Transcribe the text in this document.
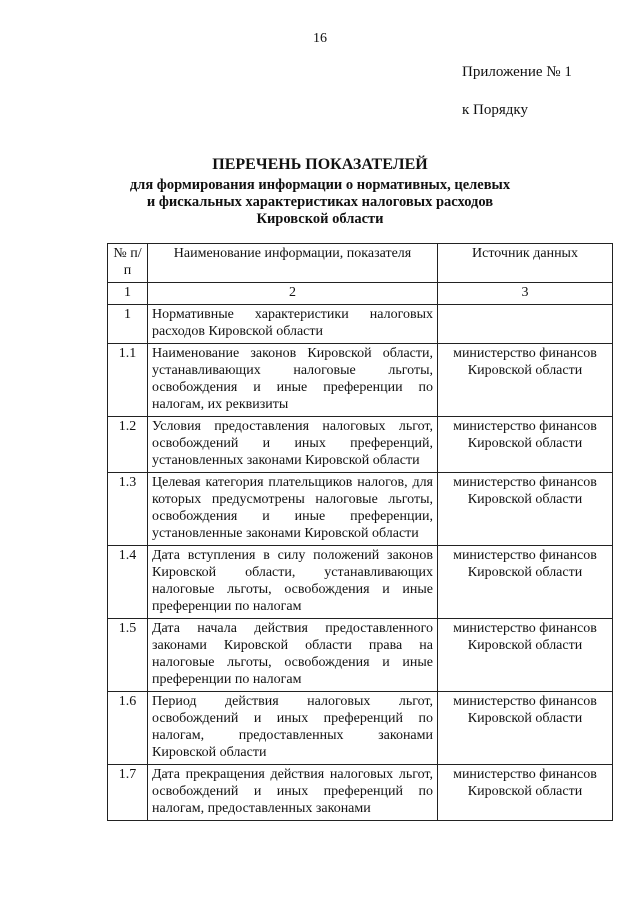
16
Приложение № 1
к Порядку
ПЕРЕЧЕНЬ ПОКАЗАТЕЛЕЙ
для формирования информации о нормативных, целевых
и фискальных характеристиках налоговых расходов
Кировской области
№ п/п	Наименование информации, показателя	Источник данных
1	2	3
1	Нормативные характеристики налоговых расходов Кировской области	
1.1	Наименование законов Кировской области, устанавливающих налоговые льготы, освобождения и иные преференции по налогам, их реквизиты	министерство финансов Кировской области
1.2	Условия предоставления налоговых льгот, освобождений и иных преференций, установленных законами Кировской области	министерство финансов Кировской области
1.3	Целевая категория плательщиков налогов, для которых предусмотрены налоговые льготы, освобождения и иные преференции, установленные законами Кировской области	министерство финансов Кировской области
1.4	Дата вступления в силу положений законов Кировской области, устанавливающих налоговые льготы, освобождения и иные преференции по налогам	министерство финансов Кировской области
1.5	Дата начала действия предоставленного законами Кировской области права на налоговые льготы, освобождения и иные преференции по налогам	министерство финансов Кировской области
1.6	Период действия налоговых льгот, освобождений и иных преференций по налогам, предоставленных законами Кировской области	министерство финансов Кировской области
1.7	Дата прекращения действия налоговых льгот, освобождений и иных преференций по налогам, предоставленных законами	министерство финансов Кировской области
